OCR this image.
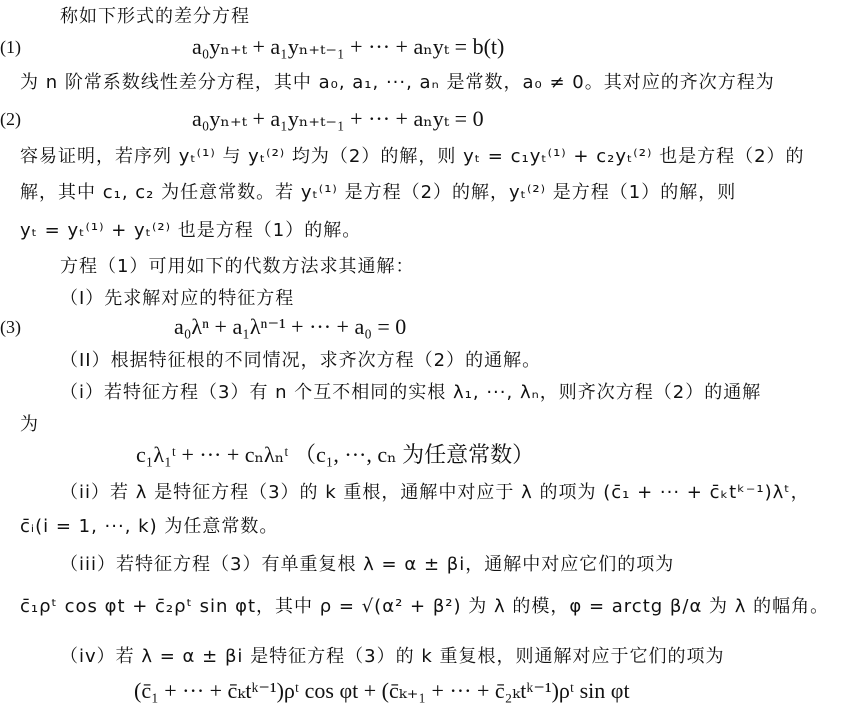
称如下形式的差分方程
a₀yₙ₊ₜ + a₁yₙ₊ₜ₋₁ + ··· + aₙyₜ = b(t)
(1)
为 n 阶常系数线性差分方程，其中 a₀, a₁, ···, aₙ 是常数，a₀ ≠ 0。其对应的齐次方程为
a₀yₙ₊ₜ + a₁yₙ₊ₜ₋₁ + ··· + aₙyₜ = 0
(2)
容易证明，若序列 yₜ⁽¹⁾ 与 yₜ⁽²⁾ 均为（2）的解，则 yₜ = c₁yₜ⁽¹⁾ + c₂yₜ⁽²⁾ 也是方程（2）的
解，其中 c₁, c₂ 为任意常数。若 yₜ⁽¹⁾ 是方程（2）的解，yₜ⁽²⁾ 是方程（1）的解，则
yₜ = yₜ⁽¹⁾ + yₜ⁽²⁾ 也是方程（1）的解。
方程（1）可用如下的代数方法求其通解：
（I）先求解对应的特征方程
a₀λⁿ + a₁λⁿ⁻¹ + ··· + a₀ = 0
(3)
（II）根据特征根的不同情况，求齐次方程（2）的通解。
（i）若特征方程（3）有 n 个互不相同的实根 λ₁, ···, λₙ，则齐次方程（2）的通解
为
c₁λ₁ᵗ + ··· + cₙλₙᵗ （c₁, ···, cₙ 为任意常数）
（ii）若 λ 是特征方程（3）的 k 重根，通解中对应于 λ 的项为 (c̄₁ + ··· + c̄ₖtᵏ⁻¹)λᵗ，
c̄ᵢ(i = 1, ···, k) 为任意常数。
（iii）若特征方程（3）有单重复根 λ = α ± βi，通解中对应它们的项为
c̄₁ρᵗ cos φt + c̄₂ρᵗ sin φt，其中 ρ = √(α² + β²) 为 λ 的模，φ = arctg β/α 为 λ 的幅角。
（iv）若 λ = α ± βi 是特征方程（3）的 k 重复根，则通解对应于它们的项为
(c̄₁ + ··· + c̄ₖtᵏ⁻¹)ρᵗ cos φt + (c̄ₖ₊₁ + ··· + c̄₂ₖtᵏ⁻¹)ρᵗ sin φt
